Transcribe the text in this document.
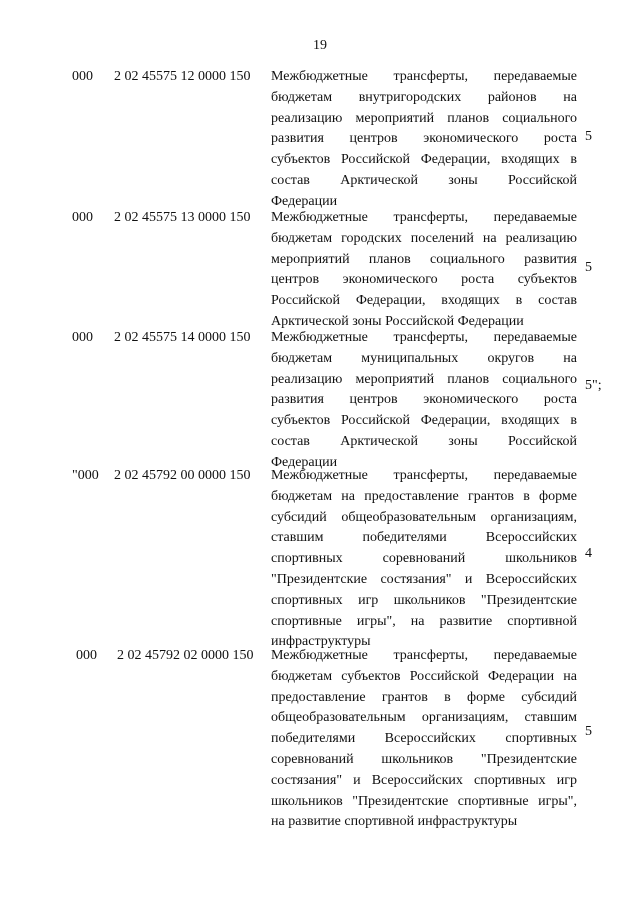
19
000 2 02 45575 12 0000 150 Межбюджетные трансферты, передаваемые
бюджетам внутригородских районов на
реализацию мероприятий планов социального
развития центров экономического роста
субъектов Российской Федерации, входящих в
состав Арктической зоны Российской
Федерации
5
000 2 02 45575 13 0000 150 Межбюджетные трансферты, передаваемые
бюджетам городских поселений на реализацию
мероприятий планов социального развития
центров экономического роста субъектов
Российской Федерации, входящих в состав
Арктической зоны Российской Федерации
5
000 2 02 45575 14 0000 150 Межбюджетные трансферты, передаваемые
бюджетам муниципальных округов на
реализацию мероприятий планов социального
развития центров экономического роста
субъектов Российской Федерации, входящих в
состав Арктической зоны Российской
Федерации
5";
"000 2 02 45792 00 0000 150 Межбюджетные трансферты, передаваемые
бюджетам на предоставление грантов в форме
субсидий общеобразовательным организациям,
ставшим победителями Всероссийских
спортивных соревнований школьников
"Президентские состязания" и Всероссийских
спортивных игр школьников "Президентские
спортивные игры", на развитие спортивной
инфраструктуры
4
000 2 02 45792 02 0000 150 Межбюджетные трансферты, передаваемые
бюджетам субъектов Российской Федерации на
предоставление грантов в форме субсидий
общеобразовательным организациям, ставшим
победителями Всероссийских спортивных
соревнований школьников "Президентские
состязания" и Всероссийских спортивных игр
школьников "Президентские спортивные игры",
на развитие спортивной инфраструктуры
5
